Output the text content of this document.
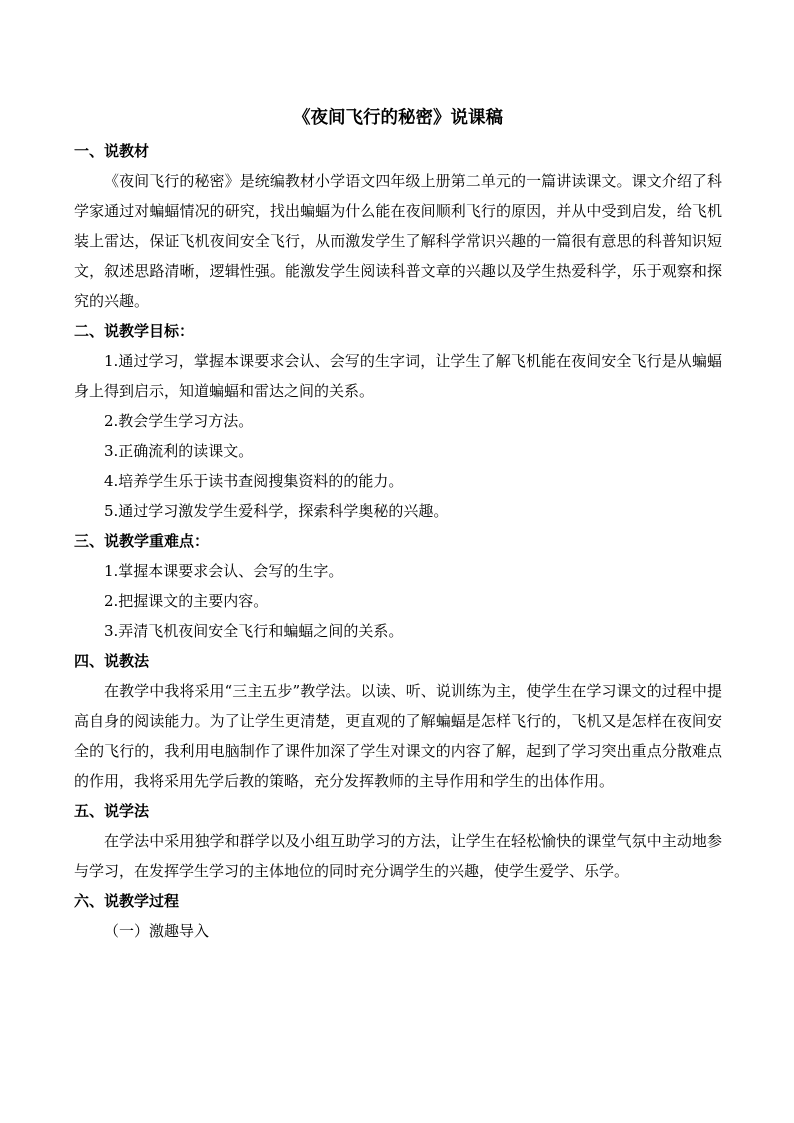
《夜间飞行的秘密》说课稿

一、说教材

《夜间飞行的秘密》是统编教材小学语文四年级上册第二单元的一篇讲读课文。课文介绍了科学家通过对蝙蝠情况的研究，找出蝙蝠为什么能在夜间顺利飞行的原因，并从中受到启发，给飞机装上雷达，保证飞机夜间安全飞行，从而激发学生了解科学常识兴趣的一篇很有意思的科普知识短文，叙述思路清晰，逻辑性强。能激发学生阅读科普文章的兴趣以及学生热爱科学，乐于观察和探究的兴趣。

二、说教学目标：

1.通过学习，掌握本课要求会认、会写的生字词，让学生了解飞机能在夜间安全飞行是从蝙蝠身上得到启示，知道蝙蝠和雷达之间的关系。

2.教会学生学习方法。

3.正确流利的读课文。

4.培养学生乐于读书查阅搜集资料的的能力。

5.通过学习激发学生爱科学，探索科学奥秘的兴趣。

三、说教学重难点：

1.掌握本课要求会认、会写的生字。

2.把握课文的主要内容。

3.弄清飞机夜间安全飞行和蝙蝠之间的关系。

四、说教法

在教学中我将采用“三主五步”教学法。以读、听、说训练为主，使学生在学习课文的过程中提高自身的阅读能力。为了让学生更清楚，更直观的了解蝙蝠是怎样飞行的，飞机又是怎样在夜间安全的飞行的，我利用电脑制作了课件加深了学生对课文的内容了解，起到了学习突出重点分散难点的作用，我将采用先学后教的策略，充分发挥教师的主导作用和学生的出体作用。

五、说学法

在学法中采用独学和群学以及小组互助学习的方法，让学生在轻松愉快的课堂气氛中主动地参与学习，在发挥学生学习的主体地位的同时充分调学生的兴趣，使学生爱学、乐学。

六、说教学过程

（一）激趣导入
